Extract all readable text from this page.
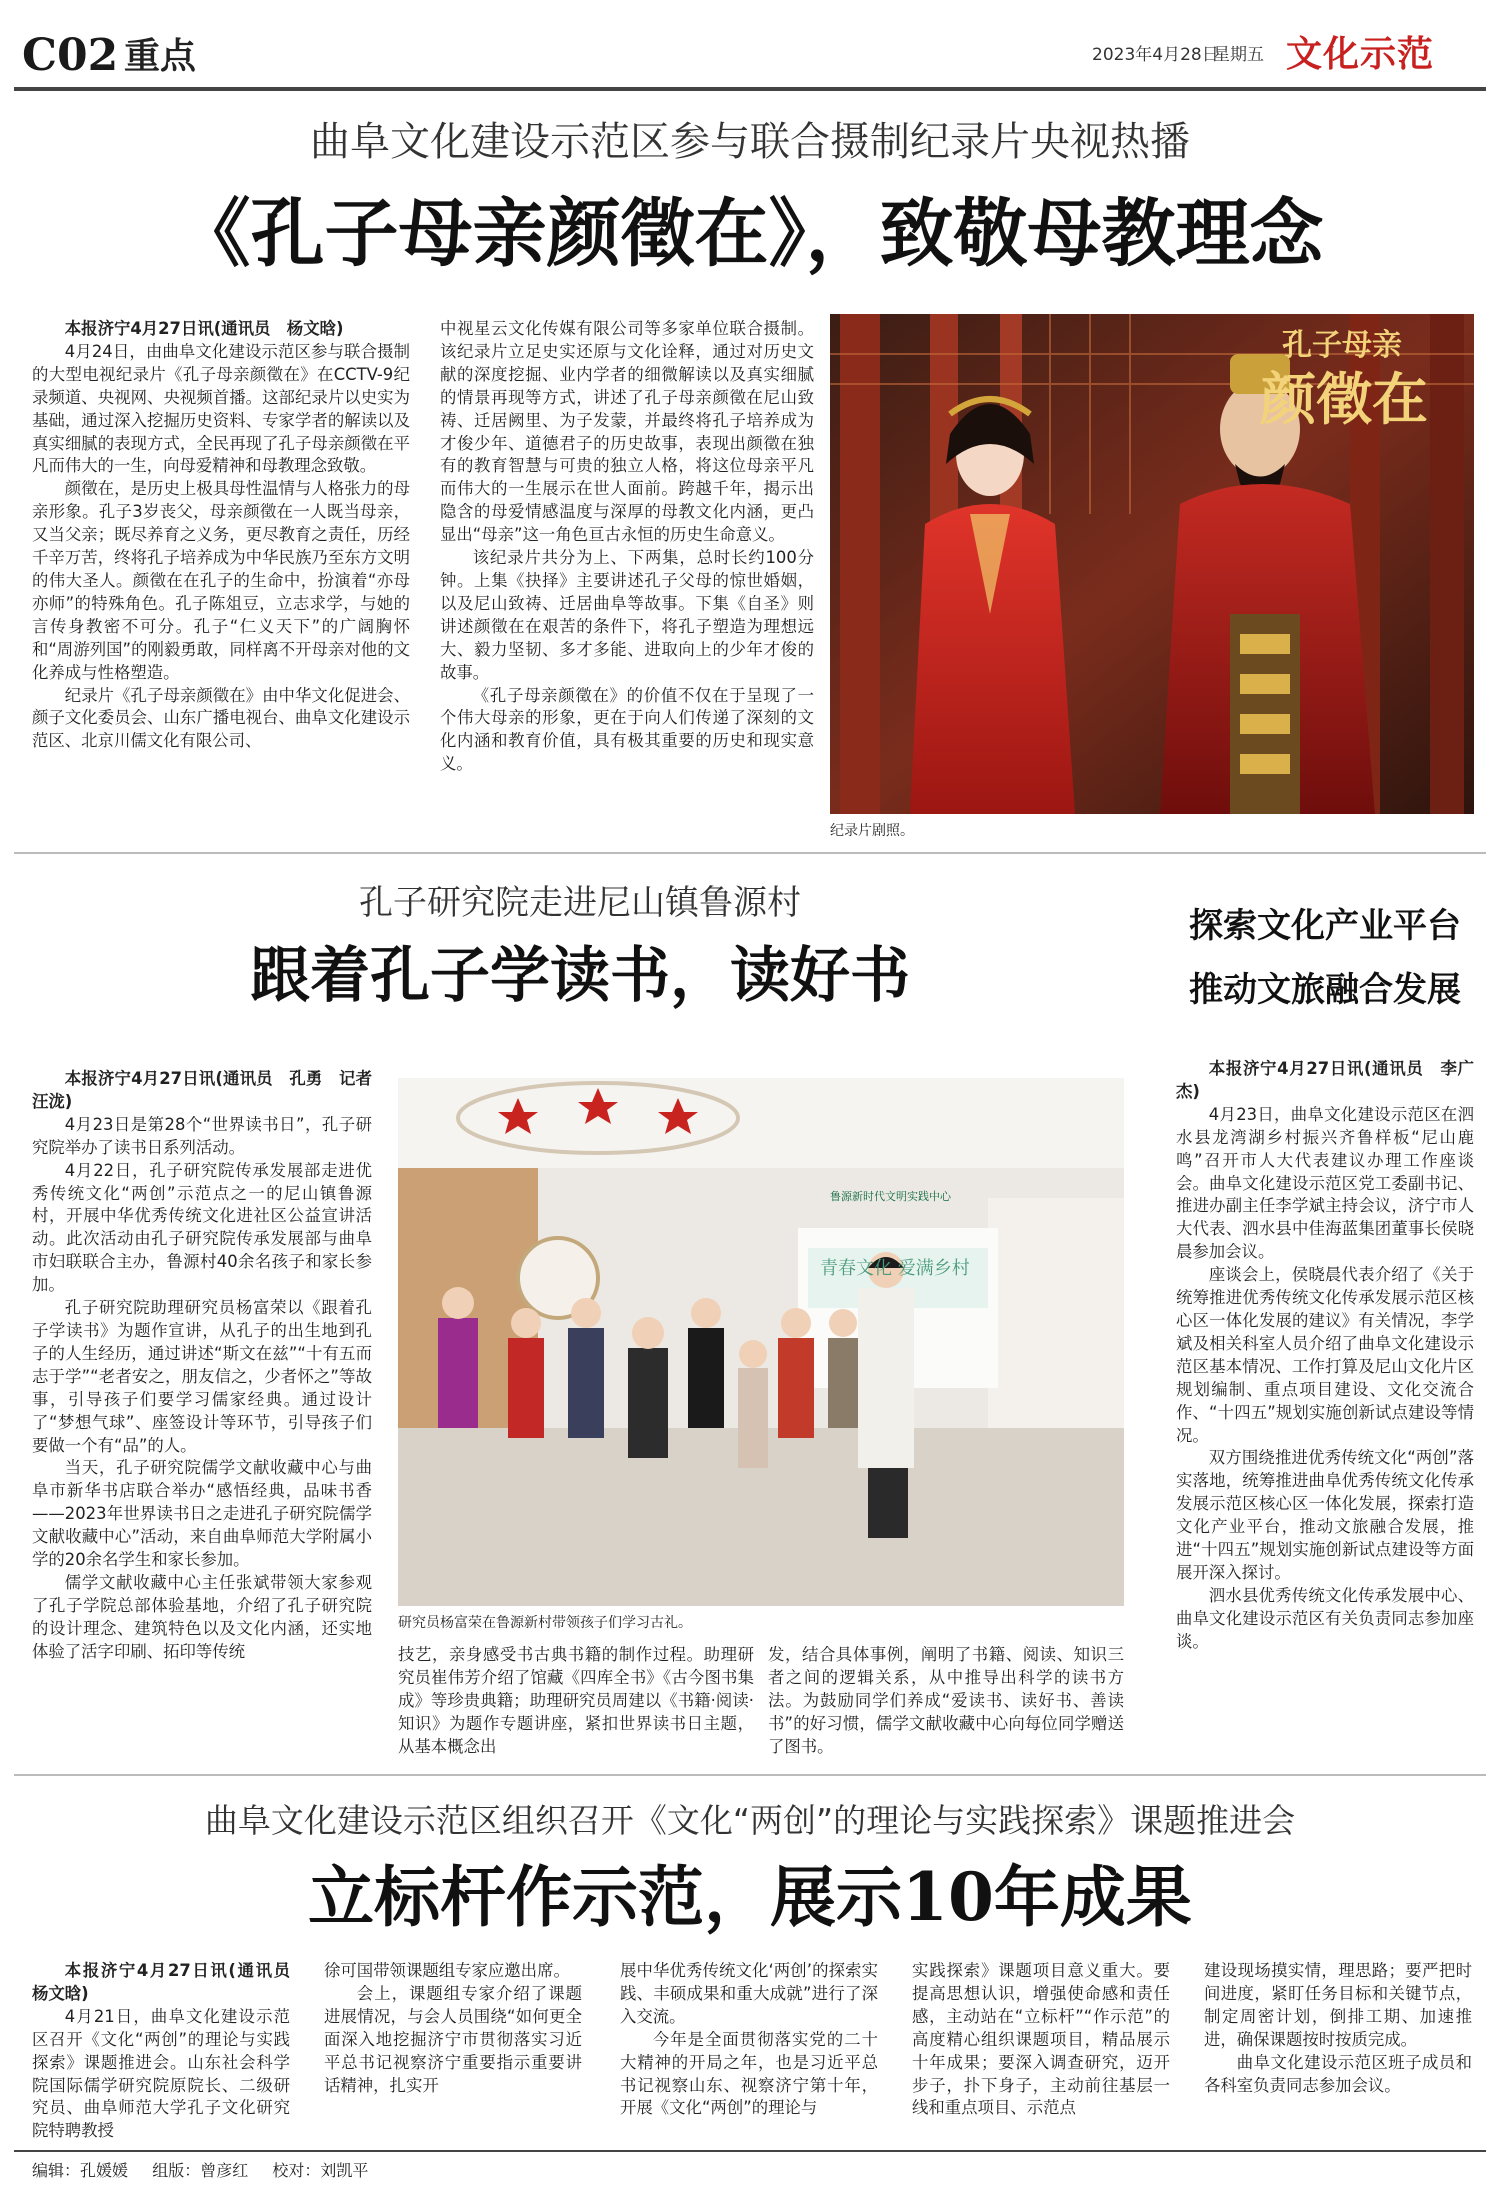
C02 重点	2023年4月28日
星期五 文化示范
曲阜文化建设示范区参与联合摄制纪录片央视热播
《孔子母亲颜徵在》，致敬母教理念

本报济宁4月27日讯(通讯员　杨文晗)

4月24日，由曲阜文化建设示范区参与联合摄制的大型电视纪录片《孔子母亲颜徵在》在CCTV-9纪录频道、央视网、央视频首播。这部纪录片以史实为基础，通过深入挖掘历史资料、专家学者的解读以及真实细腻的表现方式，全民再现了孔子母亲颜徵在平凡而伟大的一生，向母爱精神和母教理念致敬。

颜徵在，是历史上极具母性温情与人格张力的母亲形象。孔子3岁丧父，母亲颜徵在一人既当母亲，又当父亲；既尽养育之义务，更尽教育之责任，历经千辛万苦，终将孔子培养成为中华民族乃至东方文明的伟大圣人。颜徵在在孔子的生命中，扮演着“亦母亦师”的特殊角色。孔子陈俎豆，立志求学，与她的言传身教密不可分。孔子“仁义天下”的广阔胸怀和“周游列国”的刚毅勇敢，同样离不开母亲对他的文化养成与性格塑造。

纪录片《孔子母亲颜徵在》由中华文化促进会、颜子文化委员会、山东广播电视台、曲阜文化建设示范区、北京川儒文化有限公司、

中视星云文化传媒有限公司等多家单位联合摄制。该纪录片立足史实还原与文化诠释，通过对历史文献的深度挖掘、业内学者的细微解读以及真实细腻的情景再现等方式，讲述了孔子母亲颜徵在尼山致祷、迁居阙里、为子发蒙，并最终将孔子培养成为才俊少年、道德君子的历史故事，表现出颜徵在独有的教育智慧与可贵的独立人格，将这位母亲平凡而伟大的一生展示在世人面前。跨越千年，揭示出隐含的母爱情感温度与深厚的母教文化内涵，更凸显出“母亲”这一角色亘古永恒的历史生命意义。

该纪录片共分为上、下两集，总时长约100分钟。上集《抉择》主要讲述孔子父母的惊世婚姻，以及尼山致祷、迁居曲阜等故事。下集《自圣》则讲述颜徵在在艰苦的条件下，将孔子塑造为理想远大、毅力坚韧、多才多能、进取向上的少年才俊的故事。

《孔子母亲颜徵在》的价值不仅在于呈现了一个伟大母亲的形象，更在于向人们传递了深刻的文化内涵和教育价值，具有极其重要的历史和现实意义。

孔子母亲
颜徵在
纪录片剧照。
孔子研究院走进尼山镇鲁源村
跟着孔子学读书，读好书

本报济宁4月27日讯(通讯员　孔勇　记者　汪泷)

4月23日是第28个“世界读书日”，孔子研究院举办了读书日系列活动。

4月22日，孔子研究院传承发展部走进优秀传统文化“两创”示范点之一的尼山镇鲁源村，开展中华优秀传统文化进社区公益宣讲活动。此次活动由孔子研究院传承发展部与曲阜市妇联联合主办，鲁源村40余名孩子和家长参加。

孔子研究院助理研究员杨富荣以《跟着孔子学读书》为题作宣讲，从孔子的出生地到孔子的人生经历，通过讲述“斯文在兹”“十有五而志于学”“老者安之，朋友信之，少者怀之”等故事，引导孩子们要学习儒家经典。通过设计了“梦想气球”、座签设计等环节，引导孩子们要做一个有“品”的人。

当天，孔子研究院儒学文献收藏中心与曲阜市新华书店联合举办“感悟经典，品味书香——2023年世界读书日之走进孔子研究院儒学文献收藏中心”活动，来自曲阜师范大学附属小学的20余名学生和家长参加。

儒学文献收藏中心主任张斌带领大家参观了孔子学院总部体验基地，介绍了孔子研究院的设计理念、建筑特色以及文化内涵，还实地体验了活字印刷、拓印等传统

鲁源新时代文明实践中心
青春文化 爱满乡村
研究员杨富荣在鲁源新村带领孩子们学习古礼。

技艺，亲身感受书古典书籍的制作过程。助理研究员崔伟芳介绍了馆藏《四库全书》《古今图书集成》等珍贵典籍；助理研究员周建以《书籍·阅读·知识》为题作专题讲座，紧扣世界读书日主题，从基本概念出

发，结合具体事例，阐明了书籍、阅读、知识三者之间的逻辑关系，从中推导出科学的读书方法。为鼓励同学们养成“爱读书、读好书、善读书”的好习惯，儒学文献收藏中心向每位同学赠送了图书。

探索文化产业平台
推动文旅融合发展

本报济宁4月27日讯(通讯员　李广杰)

4月23日，曲阜文化建设示范区在泗水县龙湾湖乡村振兴齐鲁样板“尼山鹿鸣”召开市人大代表建议办理工作座谈会。曲阜文化建设示范区党工委副书记、推进办副主任李学斌主持会议，济宁市人大代表、泗水县中佳海蓝集团董事长侯晓晨参加会议。

座谈会上，侯晓晨代表介绍了《关于统筹推进优秀传统文化传承发展示范区核心区一体化发展的建议》有关情况，李学斌及相关科室人员介绍了曲阜文化建设示范区基本情况、工作打算及尼山文化片区规划编制、重点项目建设、文化交流合作、“十四五”规划实施创新试点建设等情况。

双方围绕推进优秀传统文化“两创”落实落地，统筹推进曲阜优秀传统文化传承发展示范区核心区一体化发展，探索打造文化产业平台，推动文旅融合发展，推进“十四五”规划实施创新试点建设等方面展开深入探讨。

泗水县优秀传统文化传承发展中心、曲阜文化建设示范区有关负责同志参加座谈。

曲阜文化建设示范区组织召开《文化“两创”的理论与实践探索》课题推进会
立标杆作示范，展示10年成果

本报济宁4月27日讯(通讯员　杨文晗)

4月21日，曲阜文化建设示范区召开《文化“两创”的理论与实践探索》课题推进会。山东社会科学院国际儒学研究院原院长、二级研究员、曲阜师范大学孔子文化研究院特聘教授

徐可国带领课题组专家应邀出席。

会上，课题组专家介绍了课题进展情况，与会人员围绕“如何更全面深入地挖掘济宁市贯彻落实习近平总书记视察济宁重要指示重要讲话精神，扎实开

展中华优秀传统文化‘两创’的探索实践、丰硕成果和重大成就”进行了深入交流。

今年是全面贯彻落实党的二十大精神的开局之年，也是习近平总书记视察山东、视察济宁第十年，开展《文化“两创”的理论与

实践探索》课题项目意义重大。要提高思想认识，增强使命感和责任感，主动站在“立标杆”“作示范”的高度精心组织课题项目，精品展示十年成果；要深入调查研究，迈开步子，扑下身子，主动前往基层一线和重点项目、示范点

建设现场摸实情，理思路；要严把时间进度，紧盯任务目标和关键节点，制定周密计划，倒排工期、加速推进，确保课题按时按质完成。

曲阜文化建设示范区班子成员和各科室负责同志参加会议。

编辑：孔媛媛 组版：曾彦红 校对：刘凯平
